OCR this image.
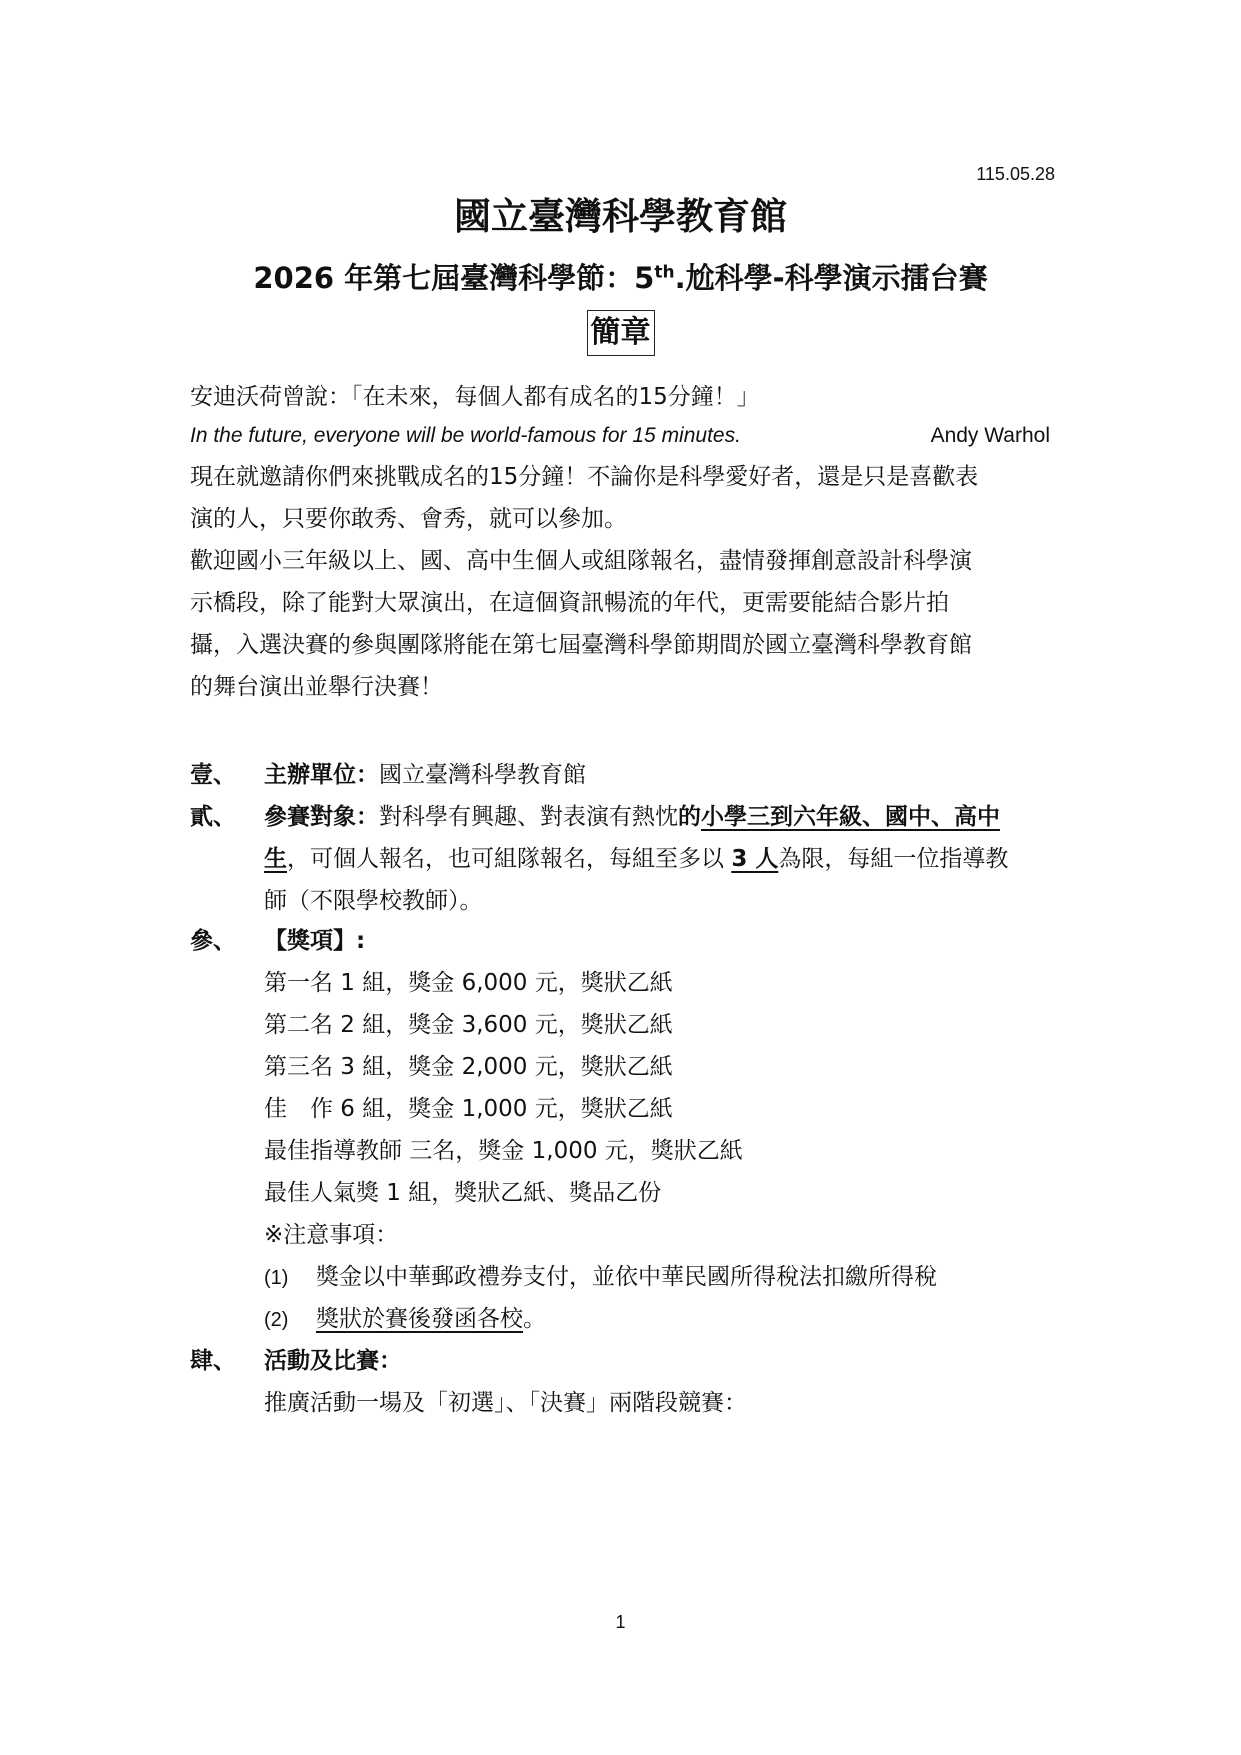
115.05.28
國立臺灣科學教育館
2026 年第七屆臺灣科學節：5th.尬科學-科學演示擂台賽
簡章
安迪沃荷曾說：「在未來，每個人都有成名的15分鐘！」
In the future, everyone will be world-famous for 15 minutes.	Andy Warhol
現在就邀請你們來挑戰成名的15分鐘！不論你是科學愛好者，還是只是喜歡表
演的人，只要你敢秀、會秀，就可以參加。
歡迎國小三年級以上、國、高中生個人或組隊報名，盡情發揮創意設計科學演
示橋段，除了能對大眾演出，在這個資訊暢流的年代，更需要能結合影片拍
攝，入選決賽的參與團隊將能在第七屆臺灣科學節期間於國立臺灣科學教育館
的舞台演出並舉行決賽！
壹、 主辦單位：國立臺灣科學教育館
貳、 參賽對象：對科學有興趣、對表演有熱忱的小學三到六年級、國中、高中
生，可個人報名，也可組隊報名，每組至多以 3 人為限，每組一位指導教
師（不限學校教師）。
參、 【獎項】:
第一名 1 組，獎金 6,000 元，獎狀乙紙
第二名 2 組，獎金 3,600 元，獎狀乙紙
第三名 3 組，獎金 2,000 元，獎狀乙紙
佳　作 6 組，獎金 1,000 元，獎狀乙紙
最佳指導教師 三名，獎金 1,000 元，獎狀乙紙
最佳人氣獎 1 組，獎狀乙紙、獎品乙份
※注意事項：
(1) 獎金以中華郵政禮券支付，並依中華民國所得稅法扣繳所得稅
(2) 獎狀於賽後發函各校。
肆、 活動及比賽：
推廣活動一場及「初選」、「決賽」兩階段競賽：
1
